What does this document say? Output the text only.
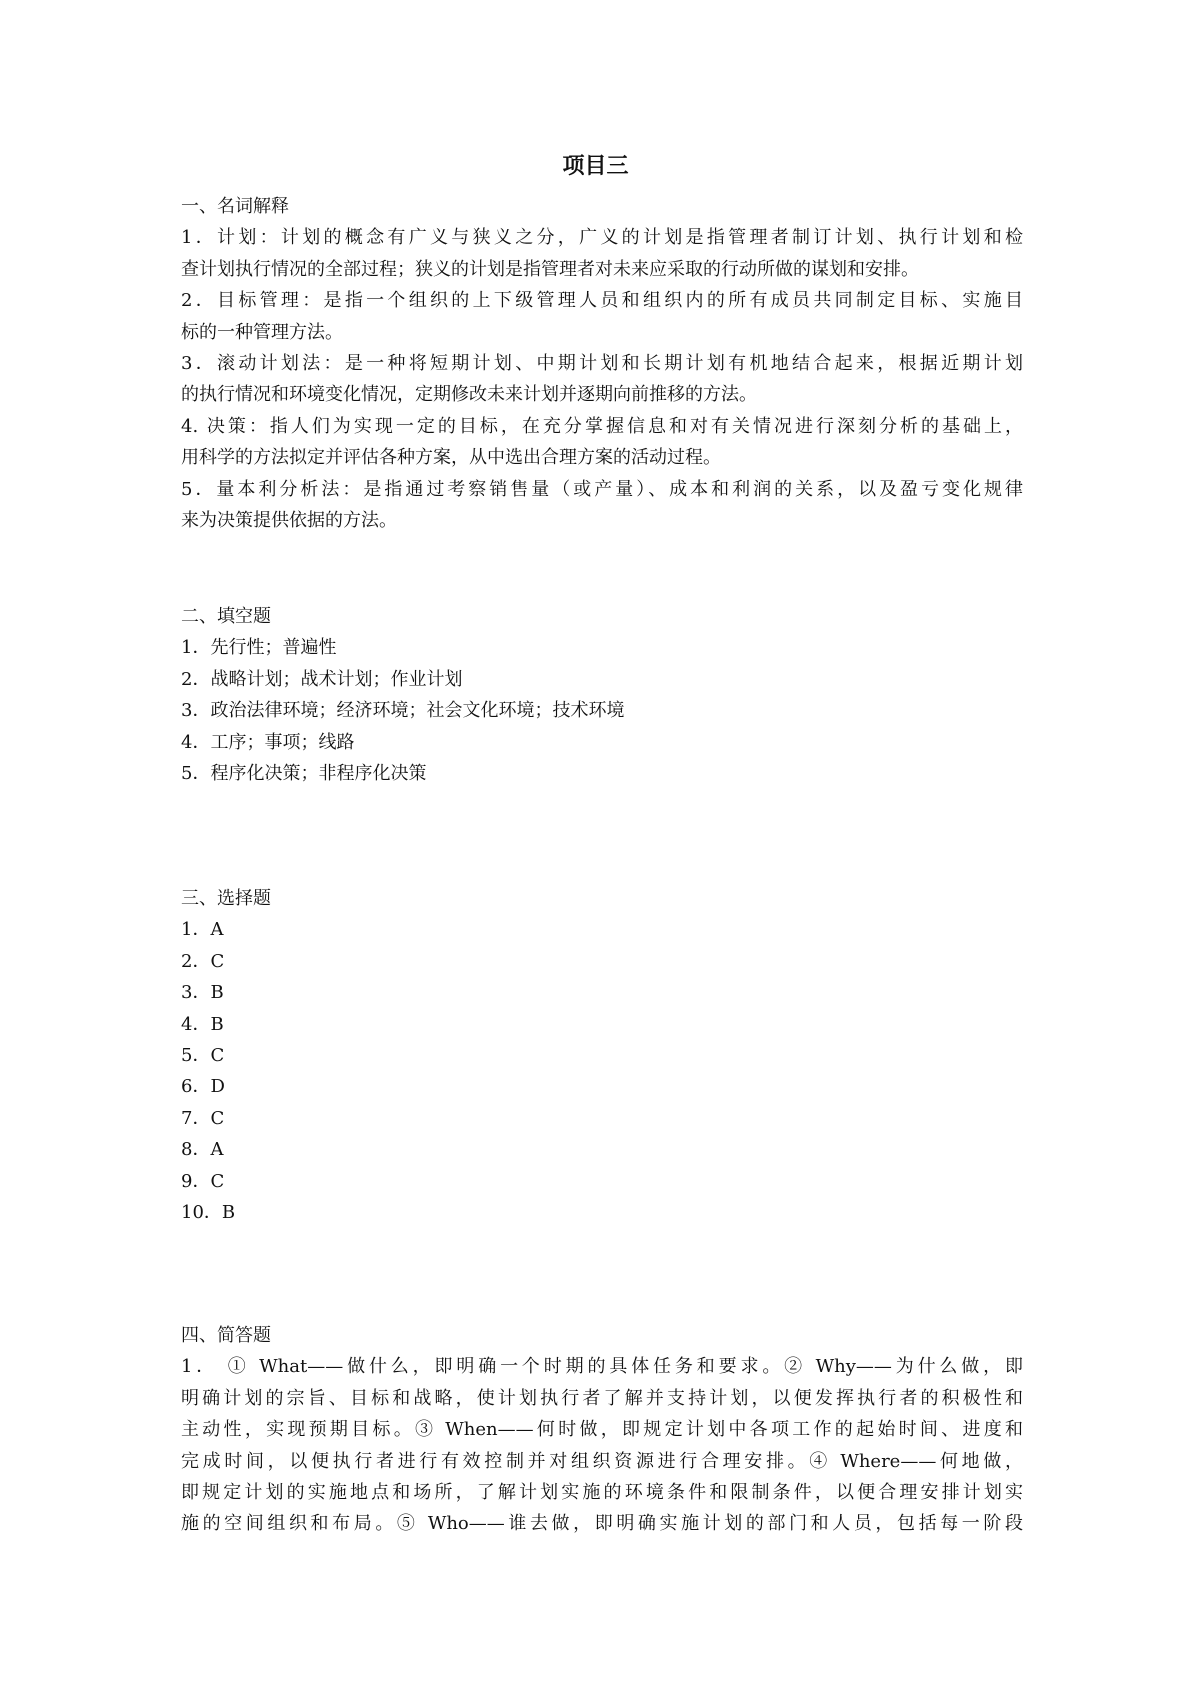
项目三

一、名词解释

1．计划：计划的概念有广义与狭义之分，广义的计划是指管理者制订计划、执行计划和检

查计划执行情况的全部过程；狭义的计划是指管理者对未来应采取的行动所做的谋划和安排。

2．目标管理：是指一个组织的上下级管理人员和组织内的所有成员共同制定目标、实施目

标的一种管理方法。

3．滚动计划法：是一种将短期计划、中期计划和长期计划有机地结合起来，根据近期计划

的执行情况和环境变化情况，定期修改未来计划并逐期向前推移的方法。

4. 决策：指人们为实现一定的目标，在充分掌握信息和对有关情况进行深刻分析的基础上，

用科学的方法拟定并评估各种方案，从中选出合理方案的活动过程。

5．量本利分析法：是指通过考察销售量（或产量）、成本和利润的关系，以及盈亏变化规律

来为决策提供依据的方法。

二、填空题

1．先行性；普遍性

2．战略计划；战术计划；作业计划

3．政治法律环境；经济环境；社会文化环境；技术环境

4．工序；事项；线路

5．程序化决策；非程序化决策

三、选择题

1．A

2．C

3．B

4．B

5．C

6．D

7．C

8．A

9．C

10．B

四、简答题

1． ① What——做什么，即明确一个时期的具体任务和要求。② Why——为什么做，即

明确计划的宗旨、目标和战略，使计划执行者了解并支持计划，以便发挥执行者的积极性和

主动性，实现预期目标。③ When——何时做，即规定计划中各项工作的起始时间、进度和

完成时间，以便执行者进行有效控制并对组织资源进行合理安排。④ Where——何地做，

即规定计划的实施地点和场所，了解计划实施的环境条件和限制条件，以便合理安排计划实

施的空间组织和布局。⑤ Who——谁去做，即明确实施计划的部门和人员，包括每一阶段
